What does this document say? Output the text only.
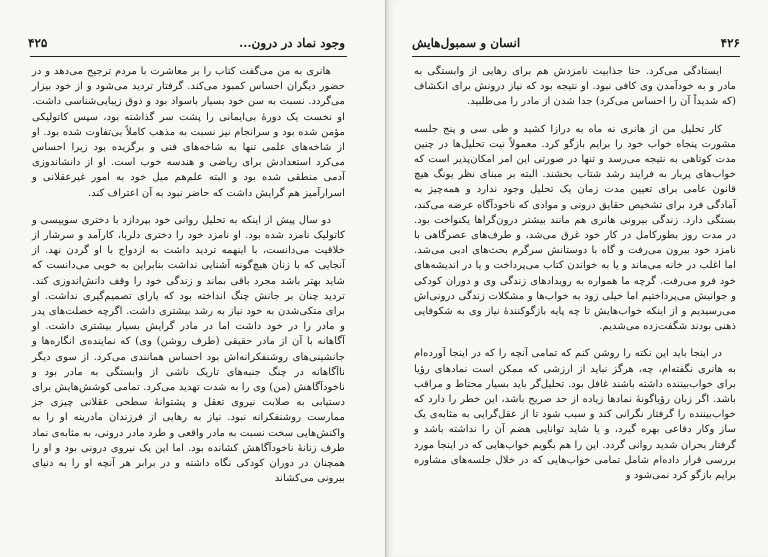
وجود نماد در درون...
۴۲۵

هانری به من می‌گفت کتاب را بر معاشرت با مردم ترجیح می‌دهد و در حضور دیگران احساس کمبود می‌کند. گرفتار تردید می‌شود و از خود بیزار می‌گردد. نسبت به سن خود بسیار باسواد بود و ذوق زیبایی‌شناسی داشت. او نخست یک دورهٔ بی‌ایمانی را پشت سر گذاشته بود، سپس کاتولیکی مؤمن شده بود و سرانجام نیز نسبت به مذهب کاملاً بی‌تفاوت شده بود. او از شاخه‌های علمی تنها به شاخه‌های فنی و برگزیده بود زیرا احساس می‌کرد استعدادش برای ریاضی و هندسه خوب است. او از دانشاندوزی آدمی منطقی شده بود و البته علم‌هم میل خود به امور غیرعقلانی و اسرارآمیز هم گرایش داشت که حاضر نبود به آن اعتراف کند.

دو سال پیش از اینکه به تحلیل روانی خود بپردازد با دختری سوییسی و کاتولیک نامزد شده بود. او نامزد خود را دختری دلربا، کارآمد و سرشار از خلاقیت می‌دانست، با اینهمه تردید داشت به ازدواج با او گردن نهد. از آنجایی که با زنان هیچ‌گونه آشنایی نداشت بنابراین به خوبی می‌دانست که شاید بهتر باشد مجرد باقی بماند و زندگی خود را وقف دانش‌اندوزی کند. تردید چنان بر جانش چنگ انداخته بود که یارای تصمیم‌گیری نداشت. او برای متکی‌شدن به خود نیاز به رشد بیشتری داشت. اگرچه خصلت‌های پدر و مادر را در خود داشت اما در مادر گرایش بسیار بیشتری داشت. او آگاهانه با آن از مادر حقیقی (طرف روشن) وی) که نماینده‌ی انگاره‌ها و جانشینی‌های روشنفکرانه‌اش بود احساس همانندی می‌کرد. از سوی دیگر ناآگاهانه در چنگ جنبه‌های تاریک ناشی از وابستگی به مادر بود و ناخودآگاهش (من) وی را به شدت تهدید می‌کرد. تمامی کوشش‌هایش برای دستیابی به صلابت نیروی تعقل و پشتوانهٔ سطحی عقلانی چیزی جز ممارست روشنفکرانه نبود. نیاز به رهایی از فرزندان مادرینه او را به واکنش‌هایی سخت نسبت به مادر واقعی و طرد مادر درونی، به مثابه‌ی نماد طرف زنانهٔ ناخودآگاهش کشانده بود. اما این یک نیروی درونی بود و او را همچنان در دوران کودکی نگاه داشته و در برابر هر آنچه او را به دنیای بیرونی می‌کشاند

۴۲۶
انسان و سمبول‌هایش

ایستادگی می‌کرد. حتا جذابیت نامزدش هم برای رهایی از وابستگی به مادر و به خودآمدن وی کافی نبود. او نتیجه بود که نیاز درونش برای انکشاف (که شدیداً آن را احساس می‌کرد) جدا شدن از مادر را می‌طلبید.

کار تحلیل من از هانری نه ماه به درازا کشید و طی سی و پنج جلسه مشورت پنجاه خواب خود را برایم بازگو کرد. معمولاً نیت‌ تحلیل‌ها در چنین مدت کوتاهی به نتیجه می‌رسد و تنها در صورتی این امر امکان‌پذیر است که خواب‌های پربار به فرایند رشد شتاب بخشند. البته بر مبنای نظر یونگ هیچ قانون عامی برای تعیین مدت زمان یک تحلیل وجود ندارد و همه‌چیز به آمادگی فرد برای تشخیص حقایق درونی و موادی که ناخودآگاه عرضه می‌کند، بستگی دارد. زندگی بیرونی هانری هم مانند بیشتر درون‌گراها یکنواخت بود. در مدت روز بطورکامل در کار خود غرق می‌شد، و طرف‌های عصرگاهی با نامزد خود بیرون می‌رفت و گاه با دوستانش سرگرم بحث‌های ادبی می‌شد. اما اغلب در خانه می‌ماند و یا به خواندن کتاب می‌پرداخت و یا در اندیشه‌های خود فرو می‌رفت. گرچه ما همواره به رویدادهای زندگی وی و دوران کودکی و جوانیش می‌پرداختیم اما خیلی زود به خواب‌ها و مشکلات زندگی درونی‌اش می‌رسیدیم و از اینکه خواب‌هایش تا چه پایه بازگوکنندهٔ نیاز وی به شکوفایی ذهنی بودند شگفت‌زده می‌شدیم.

در اینجا باید این نکته را روشن کنم که تمامی آنچه را که در اینجا آورده‌ام به هانری نگفته‌ام، چه، هرگز نباید از ارزشی که ممکن است نمادهای رؤیا برای خواب‌بیننده داشته باشند غافل بود. تحلیل‌گر باید بسیار محتاط و مراقب باشد. اگر زبان رؤیاگونهٔ نمادها زیاده از حد صریح باشد، این خطر را دارد که خواب‌بیننده را گرفتار نگرانی کند و سبب شود تا از عقل‌گرایی به مثابه‌ی یک ساز وکار دفاعی بهره گیرد، و یا شاید توانایی هضم آن را نداشته باشد و گرفتار بحران شدید روانی گردد. این را هم بگویم خواب‌هایی که در اینجا مورد بررسی قرار داده‌ام شامل تمامی خواب‌هایی که در خلال جلسه‌های مشاوره برایم بازگو کرد نمی‌شود و
